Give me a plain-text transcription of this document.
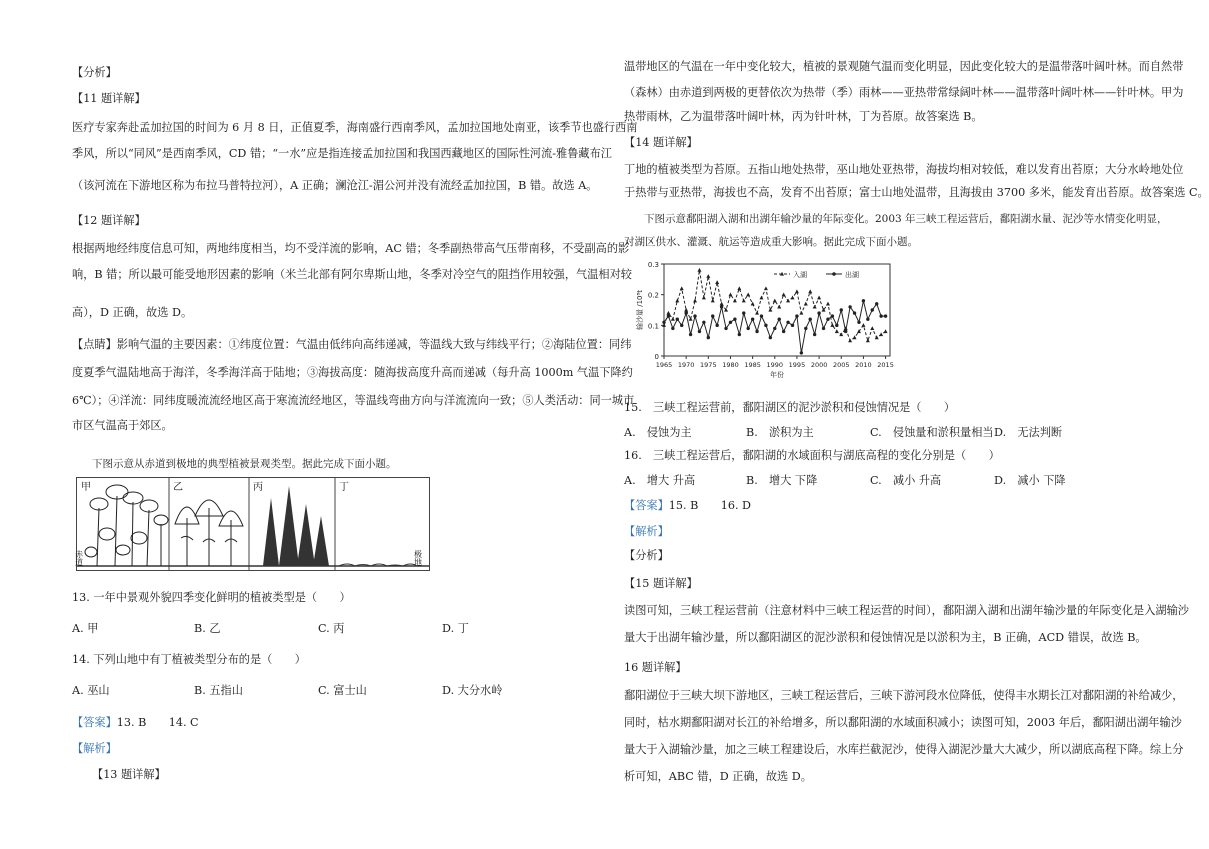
【分析】
【11 题详解】
医疗专家奔赴孟加拉国的时间为 6 月 8 日，正值夏季，海南盛行西南季风，孟加拉国地处南亚，该季节也盛行西南
季风，所以“同风”是西南季风，CD 错；“一水”应是指连接孟加拉国和我国西藏地区的国际性河流-雅鲁藏布江
（该河流在下游地区称为布拉马普特拉河），A 正确；澜沧江-湄公河并没有流经孟加拉国，B 错。故选 A。
【12 题详解】
根据两地经纬度信息可知，两地纬度相当，均不受洋流的影响，AC 错；冬季副热带高气压带南移，不受副高的影
响，B 错；所以最可能受地形因素的影响（米兰北部有阿尔卑斯山地，冬季对冷空气的阻挡作用较强，气温相对较
高），D 正确，故选 D。
【点睛】影响气温的主要因素：①纬度位置：气温由低纬向高纬递减，等温线大致与纬线平行；②海陆位置：同纬
度夏季气温陆地高于海洋，冬季海洋高于陆地；③海拔高度：随海拔高度升高而递减（每升高 1000m 气温下降约
6℃）；④洋流：同纬度暖流流经地区高于寒流流经地区，等温线弯曲方向与洋流流向一致；⑤人类活动：同一城市
市区气温高于郊区。
下图示意从赤道到极地的典型植被景观类型。据此完成下面小题。
甲	乙	丙	丁
赤道	极地
13. 一年中景观外貌四季变化鲜明的植被类型是（　　）
A. 甲	B. 乙	C. 丙	D. 丁
14. 下列山地中有丁植被类型分布的是（　　）
A. 巫山	B. 五指山	C. 富士山	D. 大分水岭
【答案】13. B　　14. C
【解析】
【13 题详解】
温带地区的气温在一年中变化较大，植被的景观随气温而变化明显，因此变化较大的是温带落叶阔叶林。而自然带
（森林）由赤道到两极的更替依次为热带（季）雨林——亚热带常绿阔叶林——温带落叶阔叶林——针叶林。甲为
热带雨林，乙为温带落叶阔叶林，丙为针叶林，丁为苔原。故答案选 B。
【14 题详解】
丁地的植被类型为苔原。五指山地处热带，巫山地处亚热带，海拔均相对较低，难以发育出苔原；大分水岭地处位
于热带与亚热带，海拔也不高，发育不出苔原；富士山地处温带，且海拔由 3700 多米，能发育出苔原。故答案选 C。
下图示意鄱阳湖入湖和出湖年输沙量的年际变化。2003 年三峡工程运营后，鄱阳湖水量、泥沙等水情变化明显，
对湖区供水、灌溉、航运等造成重大影响。据此完成下面小题。
0
0.1
0.2
0.3
1965 1970 1975 1980 1985 1990 1995 2000 2005 2010 2015
年份
输沙量 /10⁸t
入湖	出湖
15.　三峡工程运营前，鄱阳湖区的泥沙淤积和侵蚀情况是（　　）
A.　侵蚀为主	B.　淤积为主	C.　侵蚀量和淤积量相当 D.　无法判断
16.　三峡工程运营后，鄱阳湖的水域面积与湖底高程的变化分别是（　　）
A.　增大 升高	B.　增大 下降	C.　减小 升高	D.　减小 下降
【答案】15. B　　16. D
【解析】
【分析】
【15 题详解】
读图可知，三峡工程运营前（注意材料中三峡工程运营的时间），鄱阳湖入湖和出湖年输沙量的年际变化是入湖输沙
量大于出湖年输沙量，所以鄱阳湖区的泥沙淤积和侵蚀情况是以淤积为主，B 正确，ACD 错误，故选 B。
16 题详解】
鄱阳湖位于三峡大坝下游地区，三峡工程运营后，三峡下游河段水位降低，使得丰水期长江对鄱阳湖的补给减少，
同时，枯水期鄱阳湖对长江的补给增多，所以鄱阳湖的水域面积减小；读图可知，2003 年后，鄱阳湖出湖年输沙
量大于入湖输沙量，加之三峡工程建设后，水库拦截泥沙，使得入湖泥沙量大大减少，所以湖底高程下降。综上分
析可知，ABC 错，D 正确，故选 D。
